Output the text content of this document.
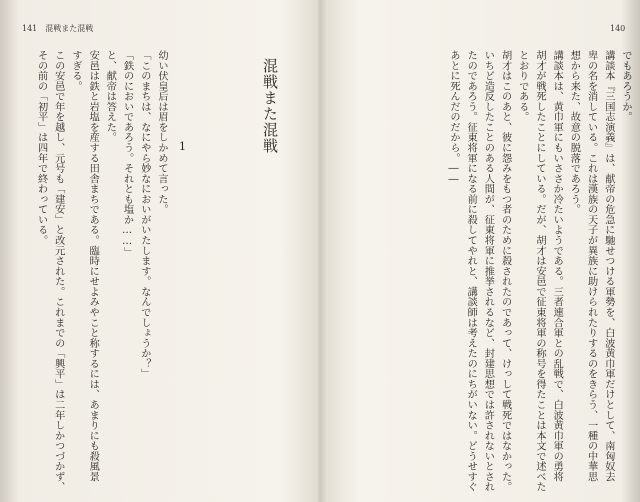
141　混戦また混戦
混戦また混戦
1
幼い伏皇后は眉をしかめて言った。
「このまちは、なにやら妙なにおいがいたします。なんでしょうか？」
「鉄のにおいであろう。それとも塩か……」
と、献帝は答えた。
安邑は鉄と岩塩を産する田舎まちである。臨時にせよみやこと称するには、あまりにも殺風景
すぎる。
この安邑で年を越し、元号も「建安」と改元された。これまでの「興平」は二年しかつづかず、
その前の「初平」は四年で終わっている。
140
でもあろうか。
講談本『三国志演義』は、献帝の危急に馳せつける軍勢を、白波黄巾軍だけとして、南匈奴去
卑の名を消している。これは漢族の天子が異族に助けられたりするのをきらう、一種の中華思
想から来た、故意の脱落であろう。
講談本は、黄巾軍にもいささか冷たいようである。三者連合軍との乱戦で、白波黄巾軍の勇将
胡才が戦死したことにしている。だが、胡才は安邑で征東将軍の称号を得たことは本文で述べた
とおりである。
胡才はこのあと、彼に怨みをもつ者のために殺されたのであって、けっして戦死ではなかった。
いちど造反したことのある人間が、征東将軍に推挙されるなど、封建思想では許されないとされ
たのであろう。征東将軍になる前に殺してやれと、講談師は考えたのにちがいない。どうせすぐ
あとに死んだのだから。――
